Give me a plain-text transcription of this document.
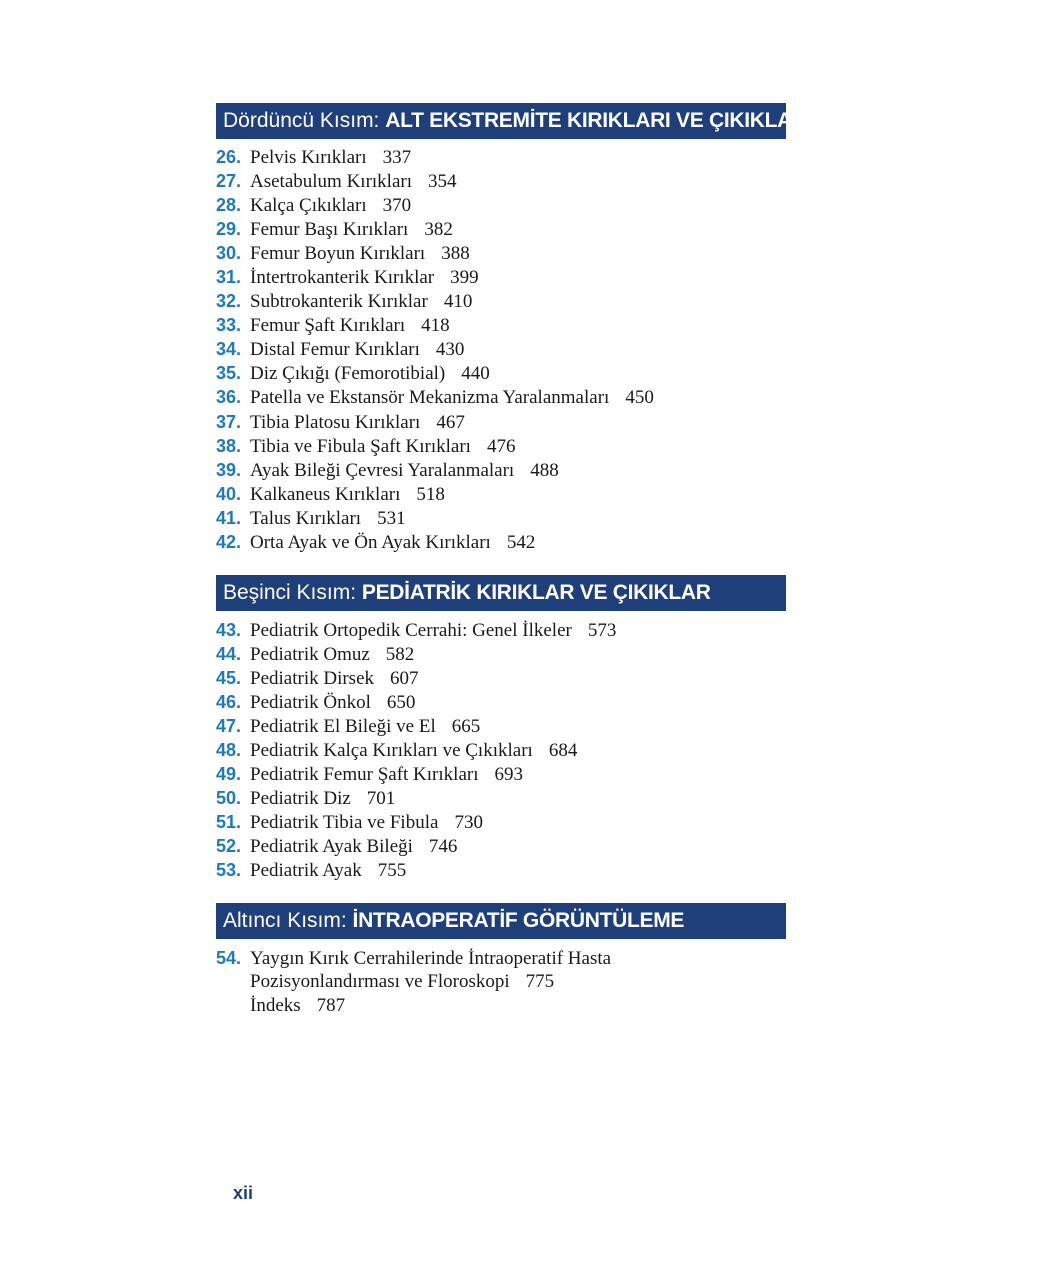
Dördüncü Kısım: ALT EKSTREMİTE KIRIKLARI VE ÇIKIKLARI
26. Pelvis Kırıkları 337
27. Asetabulum Kırıkları 354
28. Kalça Çıkıkları 370
29. Femur Başı Kırıkları 382
30. Femur Boyun Kırıkları 388
31. İntertrokanterik Kırıklar 399
32. Subtrokanterik Kırıklar 410
33. Femur Şaft Kırıkları 418
34. Distal Femur Kırıkları 430
35. Diz Çıkığı (Femorotibial) 440
36. Patella ve Ekstansör Mekanizma Yaralanmaları 450
37. Tibia Platosu Kırıkları 467
38. Tibia ve Fibula Şaft Kırıkları 476
39. Ayak Bileği Çevresi Yaralanmaları 488
40. Kalkaneus Kırıkları 518
41. Talus Kırıkları 531
42. Orta Ayak ve Ön Ayak Kırıkları 542
Beşinci Kısım: PEDİATRİK KIRIKLAR VE ÇIKIKLAR
43. Pediatrik Ortopedik Cerrahi: Genel İlkeler 573
44. Pediatrik Omuz 582
45. Pediatrik Dirsek 607
46. Pediatrik Önkol 650
47. Pediatrik El Bileği ve El 665
48. Pediatrik Kalça Kırıkları ve Çıkıkları 684
49. Pediatrik Femur Şaft Kırıkları 693
50. Pediatrik Diz 701
51. Pediatrik Tibia ve Fibula 730
52. Pediatrik Ayak Bileği 746
53. Pediatrik Ayak 755
Altıncı Kısım: İNTRAOPERATİF GÖRÜNTÜLEME
54. Yaygın Kırık Cerrahilerinde İntraoperatif Hasta
Pozisyonlandırması ve Floroskopi 775
İndeks 787
xii
